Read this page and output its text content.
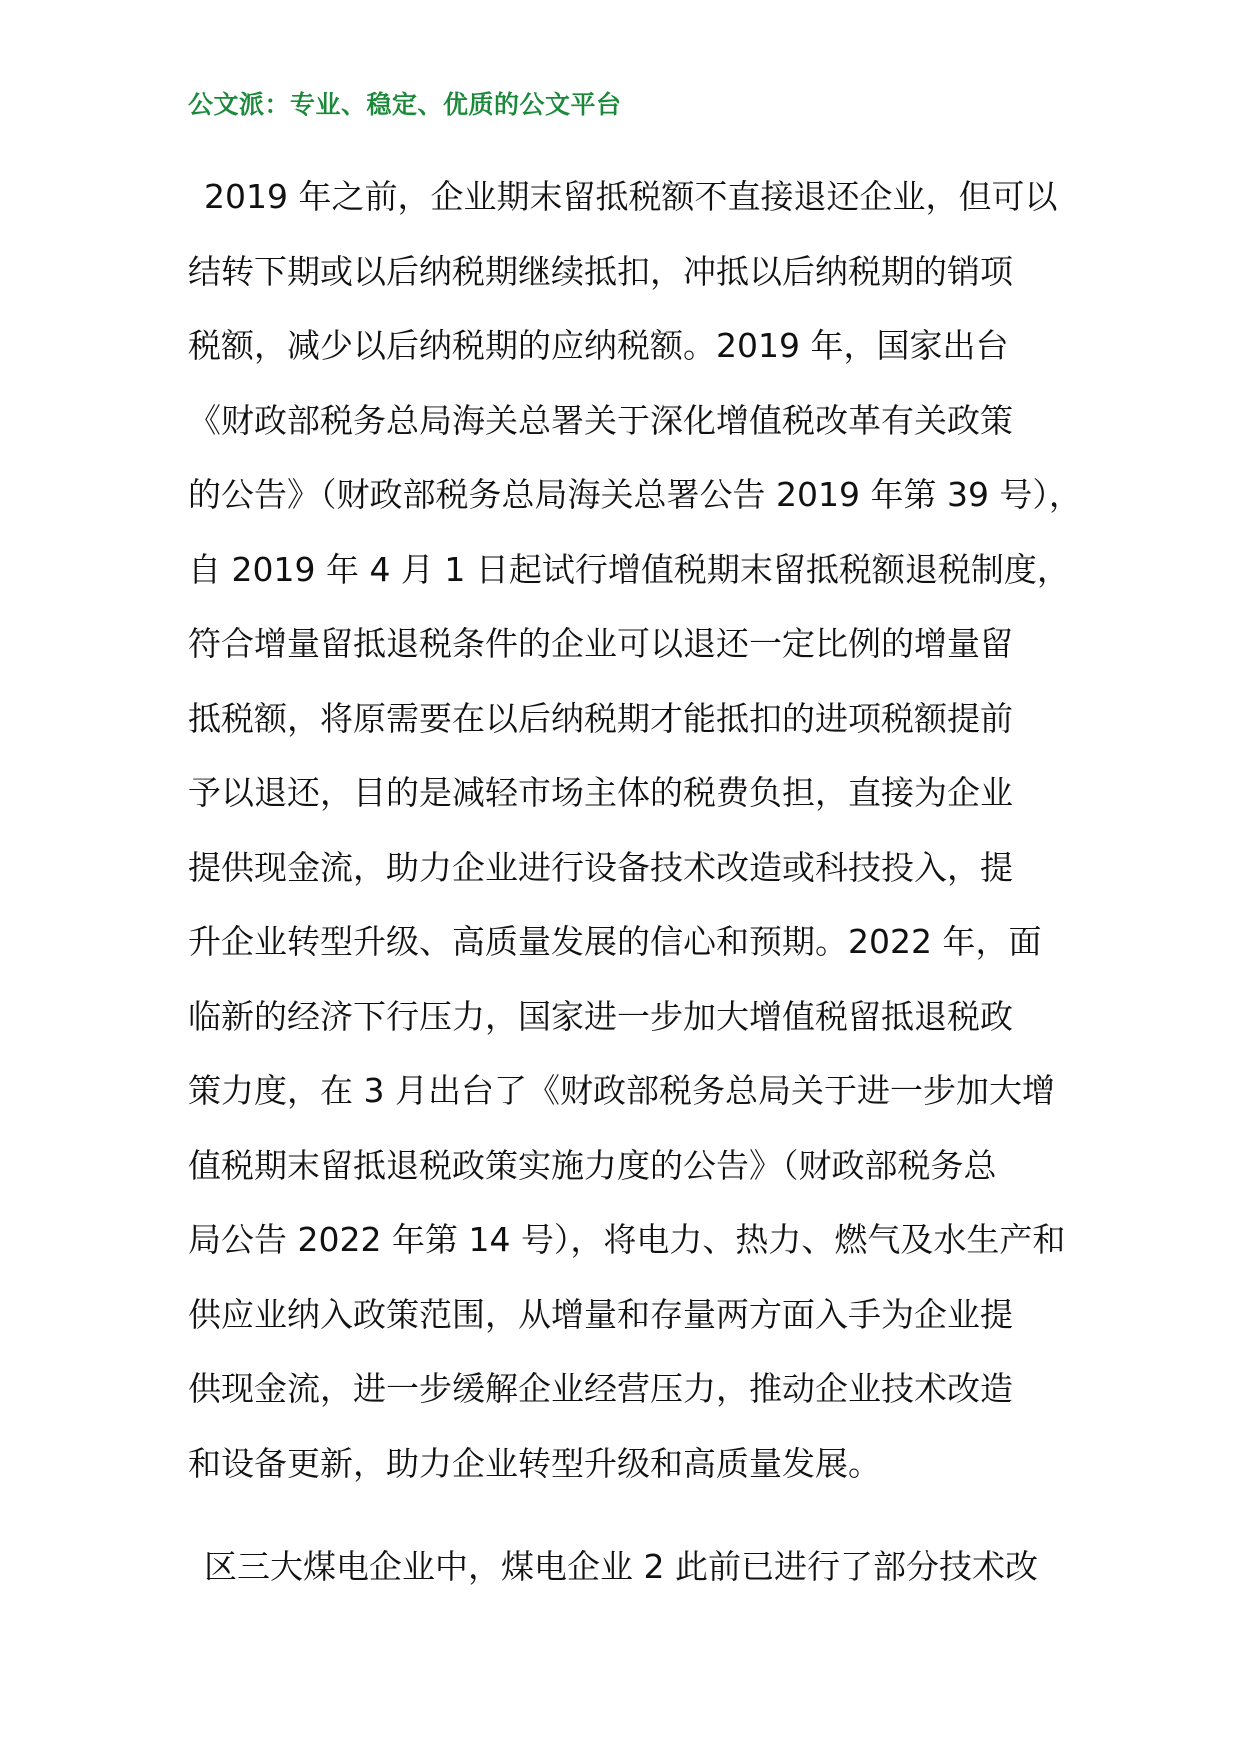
公文派：专业、稳定、优质的公文平台
2019 年之前，企业期末留抵税额不直接退还企业，但可以
结转下期或以后纳税期继续抵扣，冲抵以后纳税期的销项
税额，减少以后纳税期的应纳税额。2019 年，国家出台
《财政部税务总局海关总署关于深化增值税改革有关政策
的公告》（财政部税务总局海关总署公告 2019 年第 39 号），
自 2019 年 4 月 1 日起试行增值税期末留抵税额退税制度，
符合增量留抵退税条件的企业可以退还一定比例的增量留
抵税额，将原需要在以后纳税期才能抵扣的进项税额提前
予以退还，目的是减轻市场主体的税费负担，直接为企业
提供现金流，助力企业进行设备技术改造或科技投入，提
升企业转型升级、高质量发展的信心和预期。2022 年，面
临新的经济下行压力，国家进一步加大增值税留抵退税政
策力度，在 3 月出台了《财政部税务总局关于进一步加大增
值税期末留抵退税政策实施力度的公告》（财政部税务总
局公告 2022 年第 14 号），将电力、热力、燃气及水生产和
供应业纳入政策范围，从增量和存量两方面入手为企业提
供现金流，进一步缓解企业经营压力，推动企业技术改造
和设备更新，助力企业转型升级和高质量发展。
区三大煤电企业中，煤电企业 2 此前已进行了部分技术改
